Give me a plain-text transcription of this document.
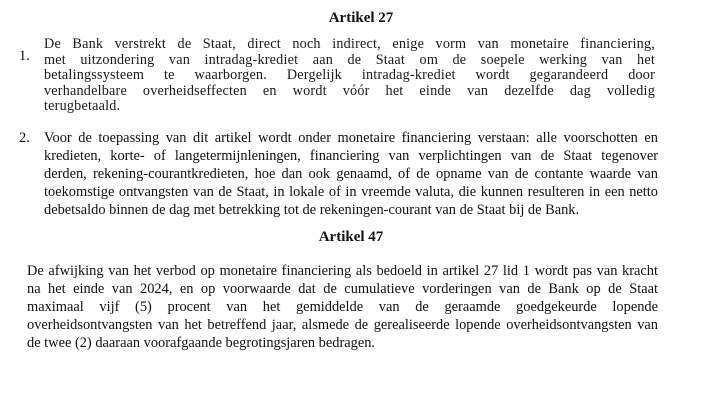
Artikel 27
1.
De Bank verstrekt de Staat, direct noch indirect, enige vorm van monetaire financiering,
met uitzondering van intradag-krediet aan de Staat om de soepele werking van het
betalingssysteem te waarborgen. Dergelijk intradag-krediet wordt gegarandeerd door
verhandelbare overheidseffecten en wordt vóór het einde van dezelfde dag volledig
terugbetaald.
2. Voor de toepassing van dit artikel wordt onder monetaire financiering verstaan: alle voorschotten en
kredieten, korte- of langetermijnleningen, financiering van verplichtingen van de Staat tegenover
derden, rekening-courantkredieten, hoe dan ook genaamd, of de opname van de contante waarde van
toekomstige ontvangsten van de Staat, in lokale of in vreemde valuta, die kunnen resulteren in een netto
debetsaldo binnen de dag met betrekking tot de rekeningen-courant van de Staat bij de Bank.
Artikel 47
De afwijking van het verbod op monetaire financiering als bedoeld in artikel 27 lid 1 wordt pas van kracht
na het einde van 2024, en op voorwaarde dat de cumulatieve vorderingen van de Bank op de Staat
maximaal vijf (5) procent van het gemiddelde van de geraamde goedgekeurde lopende
overheidsontvangsten van het betreffend jaar, alsmede de gerealiseerde lopende overheidsontvangsten van
de twee (2) daaraan voorafgaande begrotingsjaren bedragen.
